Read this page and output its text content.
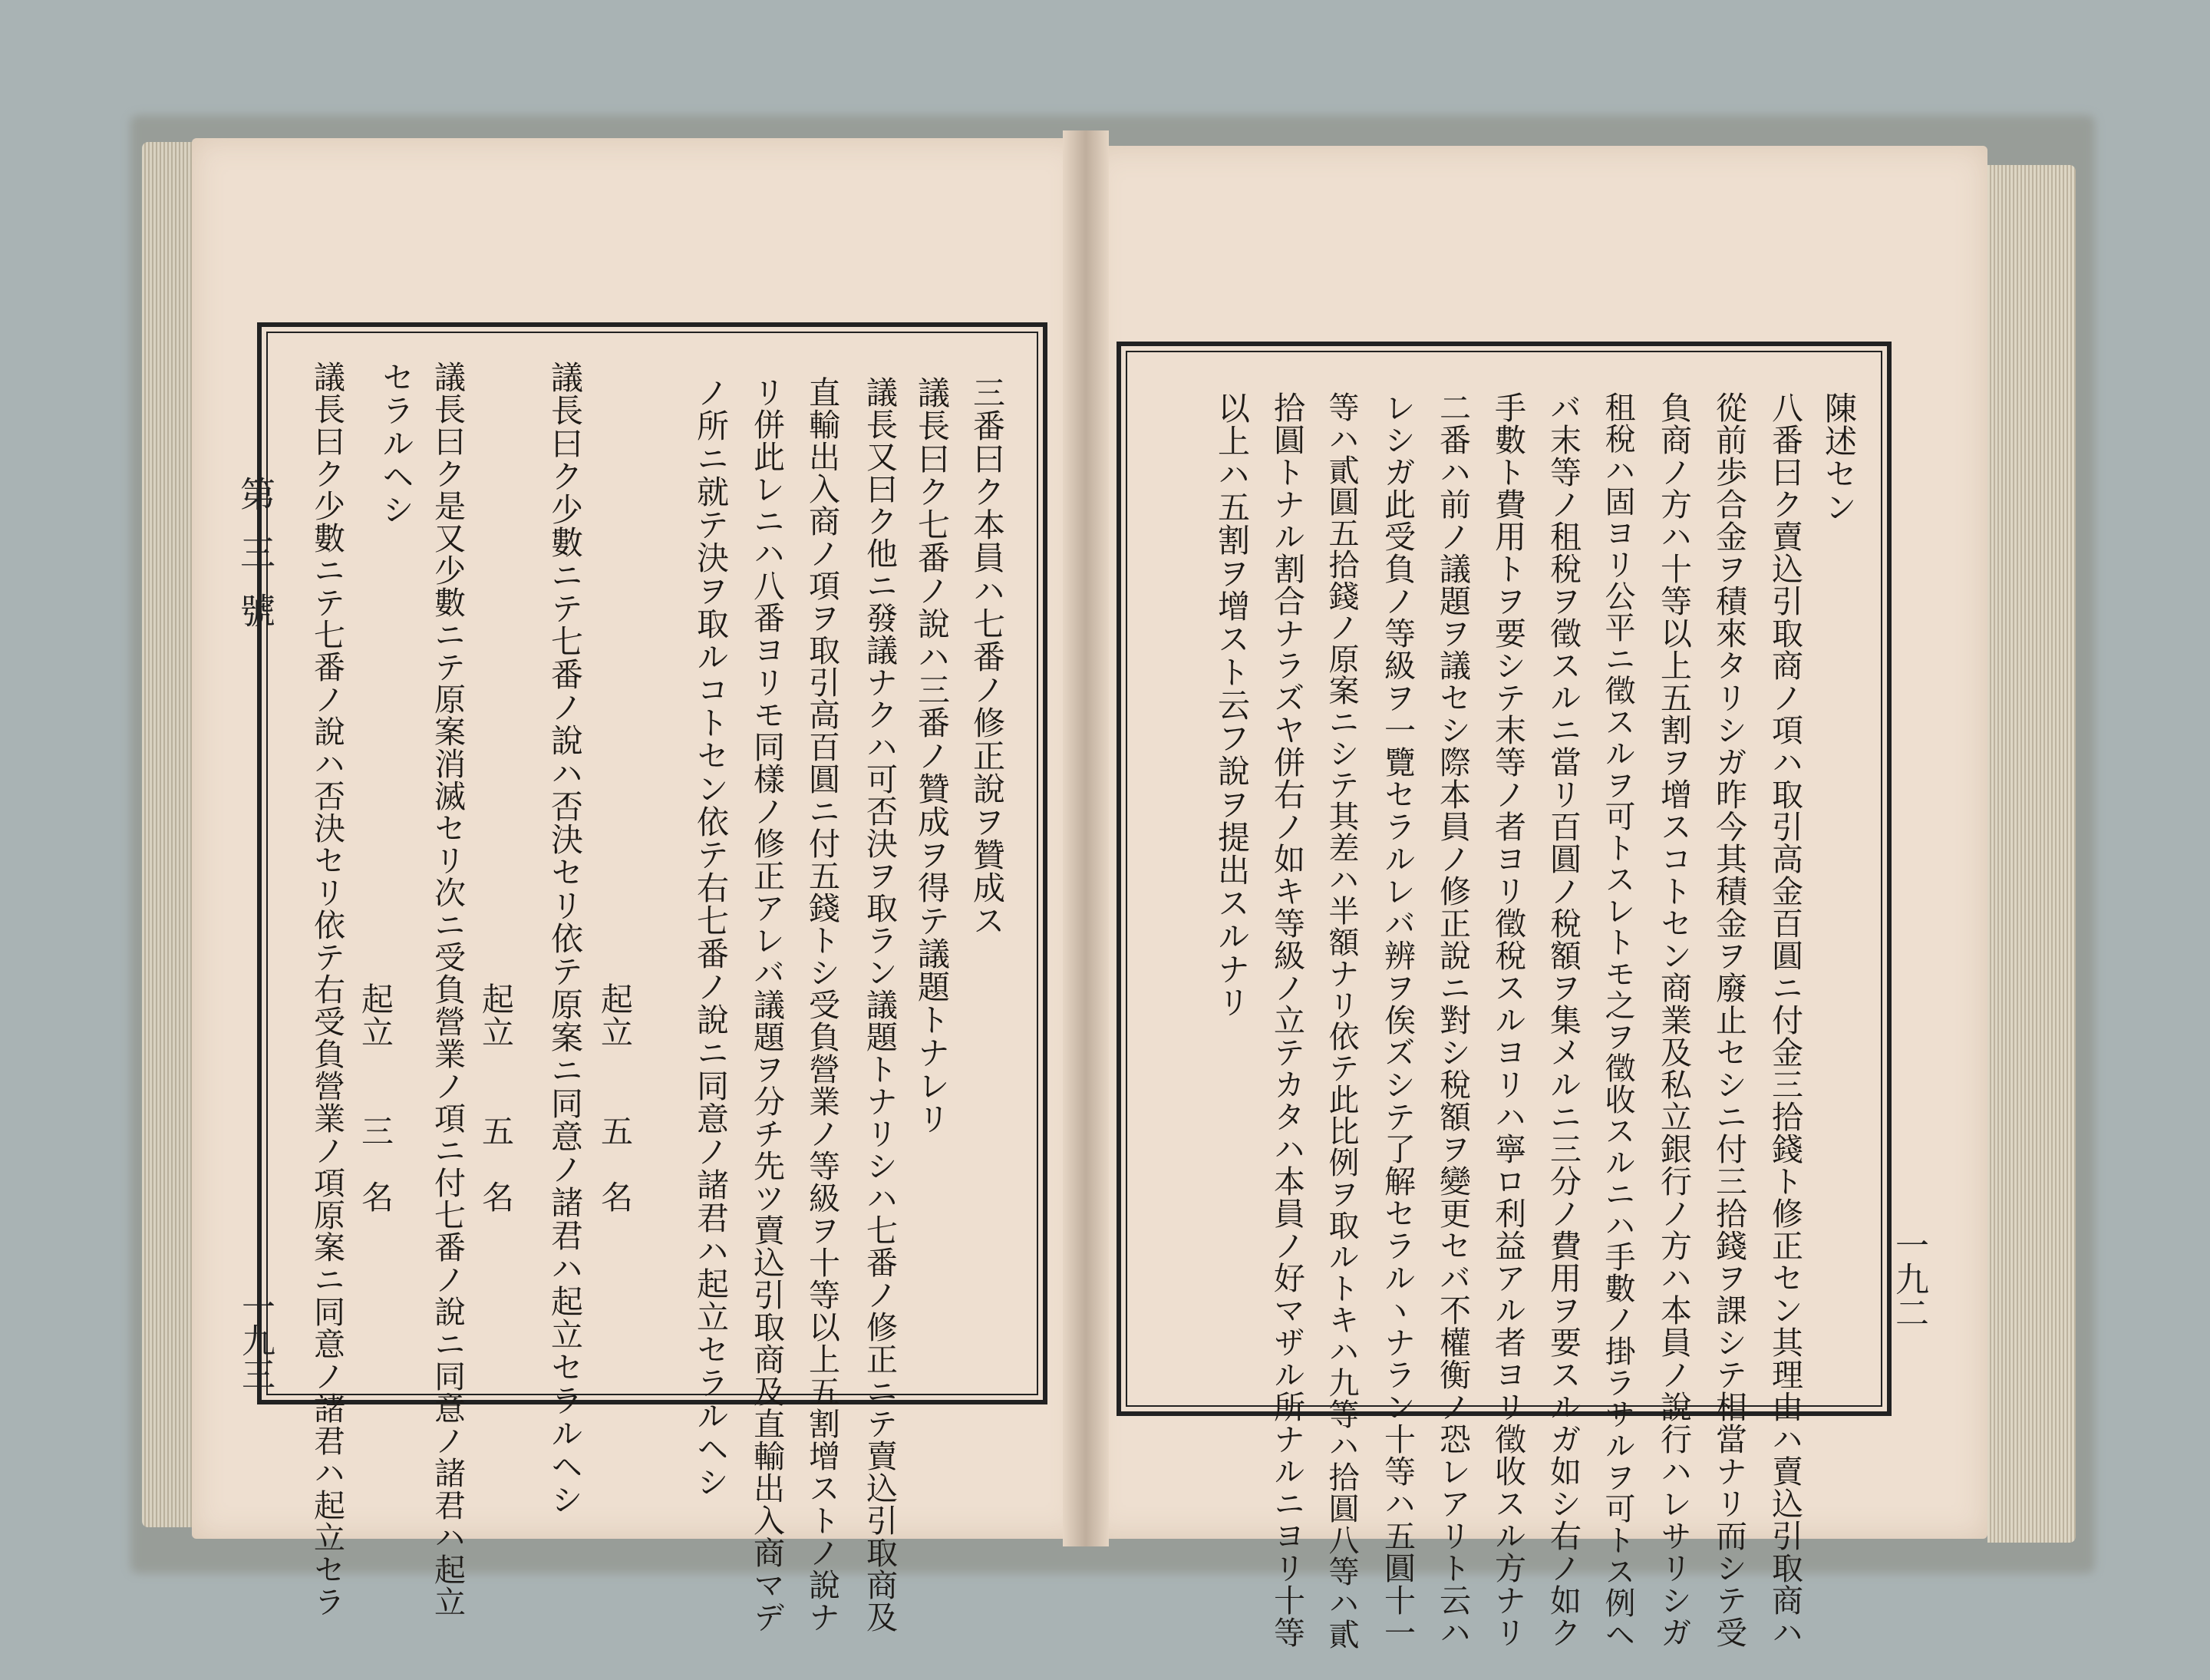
第三號
一九三
三番曰ク本員ハ七番ノ修正說ヲ贊成ス
議長曰ク七番ノ說ハ三番ノ贊成ヲ得テ議題トナレリ
議長又曰ク他ニ發議ナクハ可否決ヲ取ラン議題トナリシハ七番ノ修正ニテ賣込引取商及
直輸出入商ノ項ヲ取引高百圓ニ付五錢トシ受負營業ノ等級ヲ十等以上五割增ストノ說ナ
リ併此レニハ八番ヨリモ同樣ノ修正アレバ議題ヲ分チ先ツ賣込引取商及直輸出入商マデ
ノ所ニ就テ決ヲ取ルコトセン依テ右七番ノ說ニ同意ノ諸君ハ起立セラルヘシ
起立　　五　名
議長曰ク少數ニテ七番ノ說ハ否決セリ依テ原案ニ同意ノ諸君ハ起立セラルヘシ
起立　　五　名
議長曰ク是又少數ニテ原案消滅セリ次ニ受負營業ノ項ニ付七番ノ說ニ同意ノ諸君ハ起立
セラルヘシ
起立　　三　名
議長曰ク少數ニテ七番ノ說ハ否決セリ依テ右受負營業ノ項原案ニ同意ノ諸君ハ起立セラ	一九二
陳述セン
八番曰ク賣込引取商ノ項ハ取引高金百圓ニ付金三拾錢ト修正セン其理由ハ賣込引取商ハ
從前歩合金ヲ積來タリシガ昨今其積金ヲ廢止セシニ付三拾錢ヲ課シテ相當ナリ而シテ受
負商ノ方ハ十等以上五割ヲ增スコトセン商業及私立銀行ノ方ハ本員ノ說行ハレサリシガ
租稅ハ固ヨリ公平ニ徵スルヲ可トスレトモ之ヲ徵收スルニハ手數ノ掛ラサルヲ可トス例ヘ
バ末等ノ租稅ヲ徵スルニ當リ百圓ノ稅額ヲ集メルニ三分ノ費用ヲ要スルガ如シ右ノ如ク
手數ト費用トヲ要シテ末等ノ者ヨリ徵稅スルヨリハ寧ロ利益アル者ヨリ徵收スル方ナリ
二番ハ前ノ議題ヲ議セシ際本員ノ修正說ニ對シ稅額ヲ變更セバ不權衡ノ恐レアリト云ハ
レシガ此受負ノ等級ヲ一覽セラルレバ辨ヲ俟ズシテ了解セラルヽナラン十等ハ五圓十一
等ハ貳圓五拾錢ノ原案ニシテ其差ハ半額ナリ依テ此比例ヲ取ルトキハ九等ハ拾圓八等ハ貳
拾圓トナル割合ナラズヤ併右ノ如キ等級ノ立テカタハ本員ノ好マザル所ナルニヨリ十等
以上ハ五割ヲ增スト云フ說ヲ提出スルナリ
